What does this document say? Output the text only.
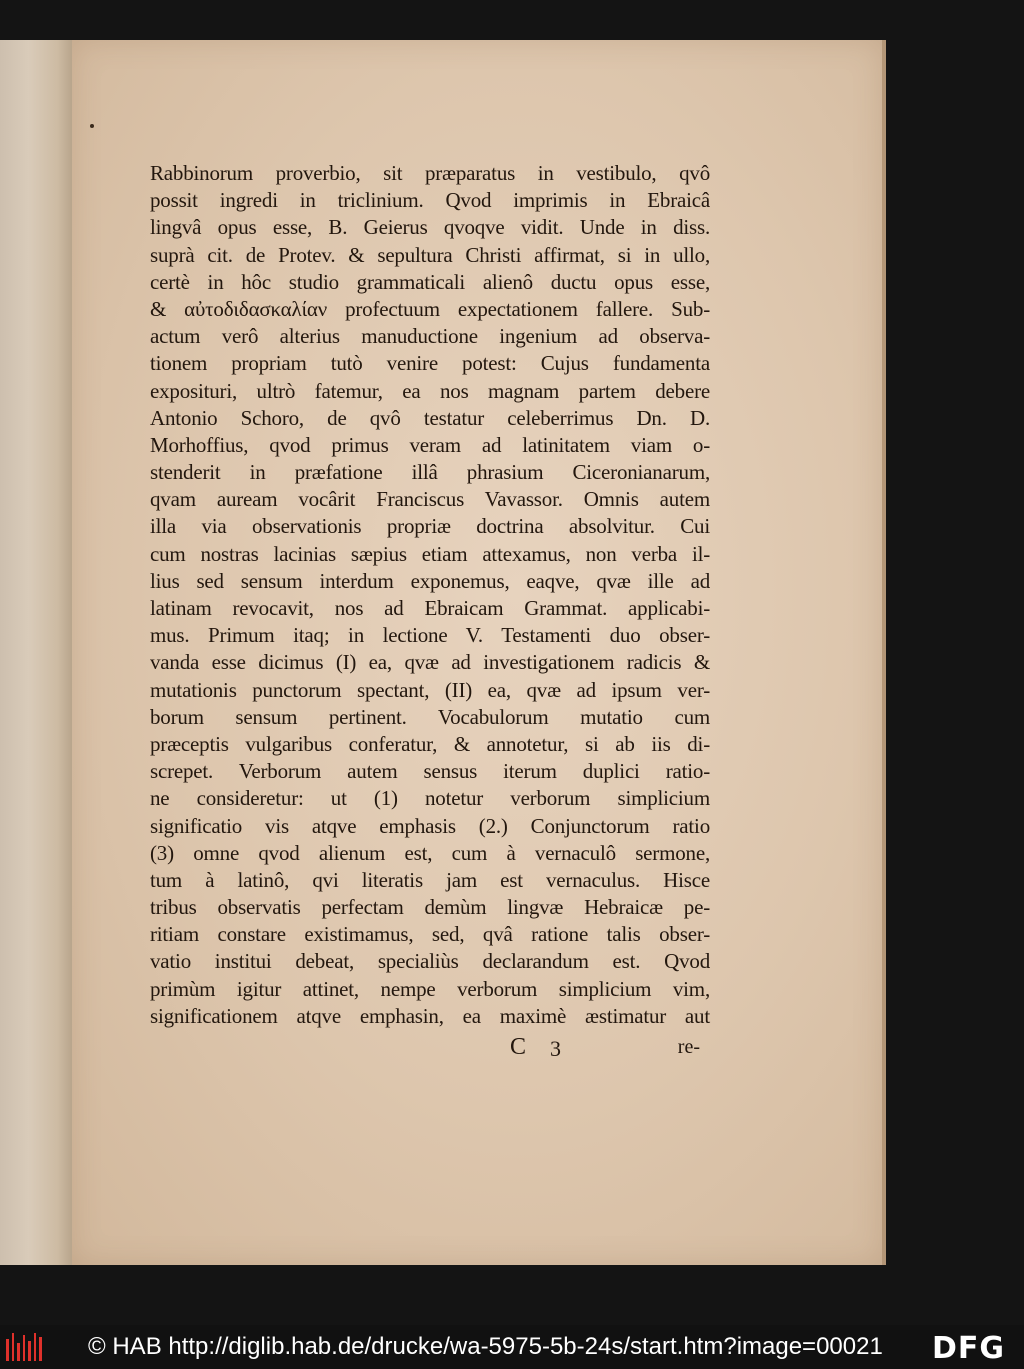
Rabbinorum proverbio, sit præparatus in vestibulo, qvô
possit ingredi in triclinium. Qvod imprimis in Ebraicâ
lingvâ opus esse, B. Geierus qvoqve vidit. Unde in diss.
suprà cit. de Protev. & sepultura Christi affirmat, si in ullo,
certè in hôc studio grammaticali alienô ductu opus esse,
& αὐτοδιδασκαλίαν profectuum expectationem fallere. Sub-
actum verô alterius manuductione ingenium ad observa-
tionem propriam tutò venire potest: Cujus fundamenta
expositurі, ultrò fatemur, ea nos magnam partem debere
Antonio Schoro, de qvô testatur celeberrimus Dn. D.
Morhoffius, qvod primus veram ad latinitatem viam o-
stenderit in præfatione illâ phrasium Ciceronianarum,
qvam auream vocârit Franciscus Vavassor. Omnis autem
illa via observationis propriæ doctrina absolvitur. Cui
cum nostras lacinias sæpius etiam attexamus, non verba il-
lius sed sensum interdum exponemus, eaqve, qvæ ille ad
latinam revocavit, nos ad Ebraicam Grammat. applicabi-
mus. Primum itaq; in lectione V. Testamenti duo obser-
vanda esse dicimus (I) ea, qvæ ad investigationem radicis &
mutationis punctorum spectant, (II) ea, qvæ ad ipsum ver-
borum sensum pertinent. Vocabulorum mutatio cum
præceptis vulgaribus conferatur, & annotetur, si ab iis di-
screpet. Verborum autem sensus iterum duplici ratio-
ne consideretur: ut (1) notetur verborum simplicium
significatio vis atqve emphasis (2.) Conjunctorum ratio
(3) omne qvod alienum est, cum à vernaculô sermone,
tum à latinô, qvi literatis jam est vernaculus. Hisce
tribus observatis perfectam demùm lingvæ Hebraicæ pe-
ritiam constare existimamus, sed, qvâ ratione talis obser-
vatio institui debeat, specialiùs declarandum est. Qvod
primùm igitur attinet, nempe verborum simplicium vim,
significationem atqve emphasin, ea maximè æstimatur aut
C 3	re-
© HAB http://diglib.hab.de/drucke/wa-5975-5b-24s/start.htm?image=00021 DFG
